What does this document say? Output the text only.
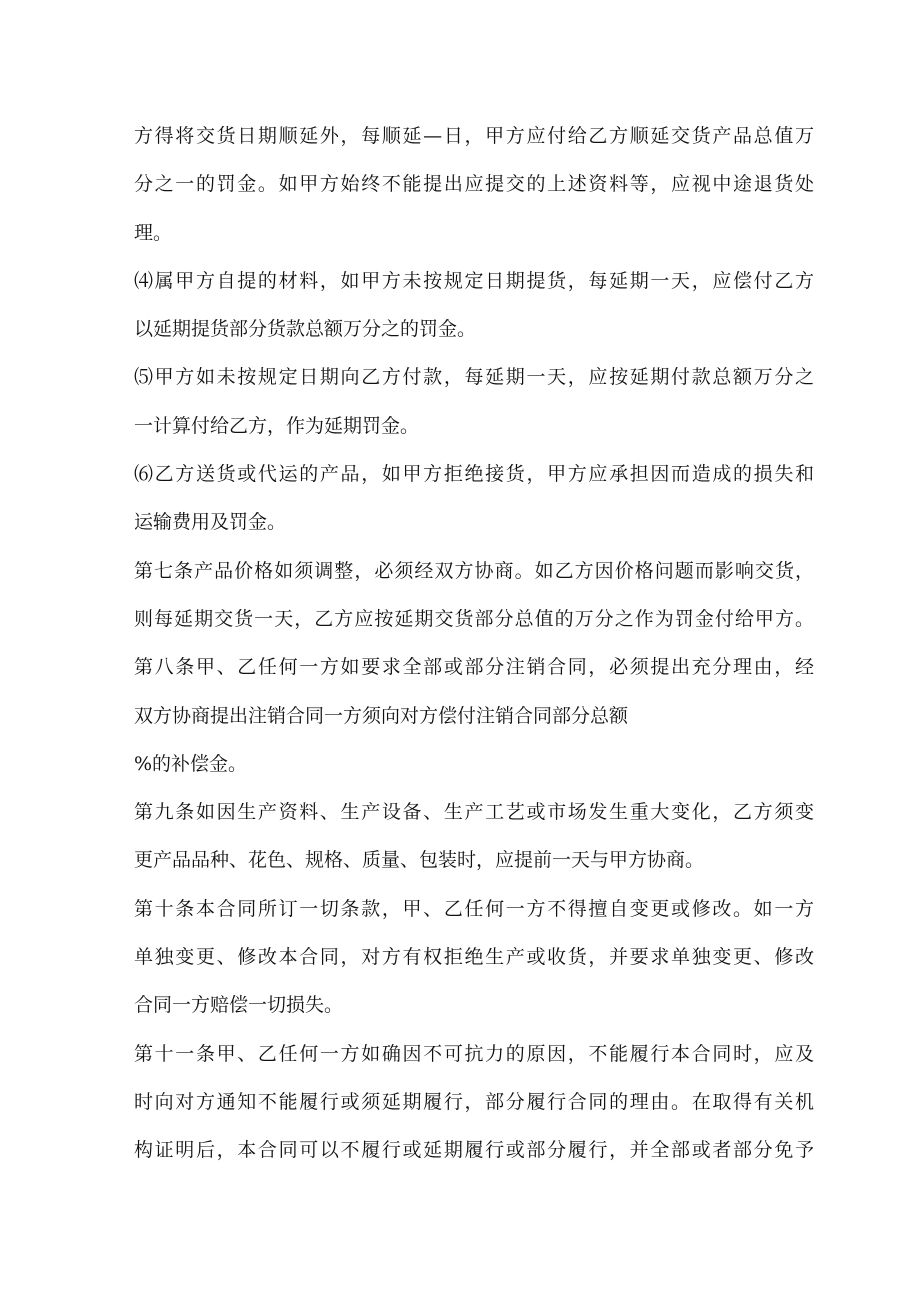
方得将交货日期顺延外，每顺延—日，甲方应付给乙方顺延交货产品总值万
分之一的罚金。如甲方始终不能提出应提交的上述资料等，应视中途退货处
理。
⑷属甲方自提的材料，如甲方未按规定日期提货，每延期一天，应偿付乙方
以延期提货部分货款总额万分之的罚金。
⑸甲方如未按规定日期向乙方付款，每延期一天，应按延期付款总额万分之
一计算付给乙方，作为延期罚金。
⑹乙方送货或代运的产品，如甲方拒绝接货，甲方应承担因而造成的损失和
运输费用及罚金。
第七条产品价格如须调整，必须经双方协商。如乙方因价格问题而影响交货，
则每延期交货一天，乙方应按延期交货部分总值的万分之作为罚金付给甲方。
第八条甲、乙任何一方如要求全部或部分注销合同，必须提出充分理由，经
双方协商提出注销合同一方须向对方偿付注销合同部分总额
%的补偿金。
第九条如因生产资料、生产设备、生产工艺或市场发生重大变化，乙方须变
更产品品种、花色、规格、质量、包装时，应提前一天与甲方协商。
第十条本合同所订一切条款，甲、乙任何一方不得擅自变更或修改。如一方
单独变更、修改本合同，对方有权拒绝生产或收货，并要求单独变更、修改
合同一方赔偿一切损失。
第十一条甲、乙任何一方如确因不可抗力的原因，不能履行本合同时，应及
时向对方通知不能履行或须延期履行，部分履行合同的理由。在取得有关机
构证明后，本合同可以不履行或延期履行或部分履行，并全部或者部分免予
